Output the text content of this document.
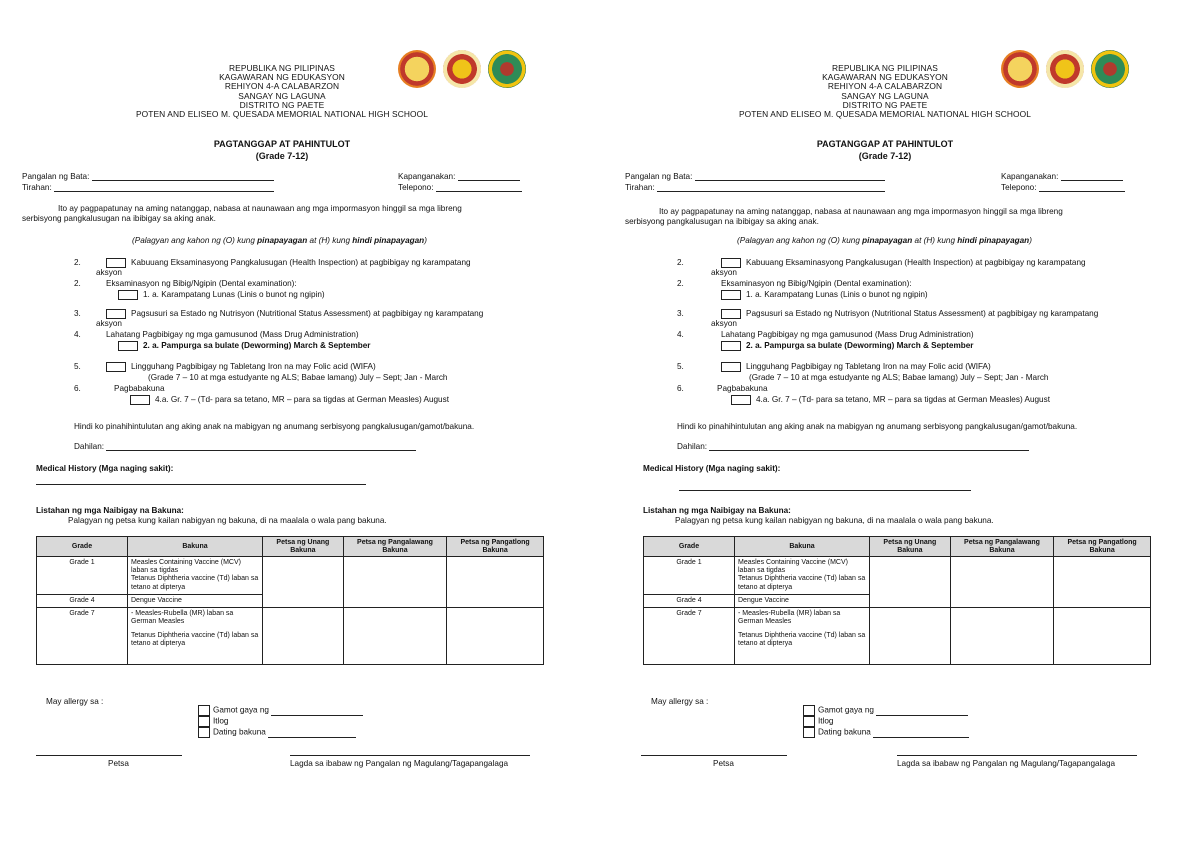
REPUBLIKA NG PILIPINAS
KAGAWARAN NG EDUKASYON
REHIYON 4-A CALABARZON
SANGAY NG LAGUNA
DISTRITO NG PAETE
POTEN AND ELISEO M. QUESADA MEMORIAL NATIONAL HIGH SCHOOL
PAGTANGGAP AT PAHINTULOT
(Grade 7-12)
Pangalan ng Bata:	Kapanganakan:
Tirahan:	Telepono:
Ito ay pagpapatunay na aming natanggap, nabasa at naunawaan ang mga impormasyon hinggil sa mga libreng
serbisyong pangkalusugan na ibibigay sa aking anak.
(Palagyan ang kahon ng (O) kung pinapayagan at (H) kung hindi pinapayagan)
2.	Kabuuang Eksaminasyong Pangkalusugan (Health Inspection) at pagbibigay ng karampatang
aksyon
2.	Eksaminasyon ng Bibig/Ngipin (Dental examination):
1. a. Karampatang Lunas (Linis o bunot ng ngipin)
3.	Pagsusuri sa Estado ng Nutrisyon (Nutritional Status Assessment) at pagbibigay ng karampatang
aksyon
4.	Lahatang Pagbibigay ng mga gamusunod (Mass Drug Administration)
2. a. Pampurga sa bulate (Deworming) March & September
5.	Lingguhang Pagbibigay ng Tabletang Iron na may Folic acid (WIFA)
(Grade 7 – 10 at mga estudyante ng ALS; Babae lamang) July – Sept; Jan - March
6.	Pagbabakuna
4.a. Gr. 7 – (Td- para sa tetano, MR – para sa tigdas at German Measles) August
Hindi ko pinahihintulutan ang aking anak na mabigyan ng anumang serbisyong pangkalusugan/gamot/bakuna.
Dahilan:
Medical History (Mga naging sakit):
Listahan ng mga Naibigay na Bakuna:
Palagyan ng petsa kung kailan nabigyan ng bakuna, di na maalala o wala pang bakuna.
Grade	Bakuna	Petsa ng Unang Bakuna	Petsa ng Pangalawang Bakuna	Petsa ng Pangatlong Bakuna
Grade 1	Measles Containing Vaccine (MCV) laban sa tigdas
Tetanus Diphtheria vaccine (Td) laban sa tetano at dipterya			

Grade 4	Dengue Vaccine			
Grade 7	- Measles-Rubella (MR) laban sa German Measles
Tetanus Diphtheria vaccine (Td) laban sa tetano at dipterya			

May allergy sa :
Gamot gaya ng
Itlog
Dating bakuna
Petsa	Lagda sa ibabaw ng Pangalan ng Magulang/Tagapangalaga
REPUBLIKA NG PILIPINAS
KAGAWARAN NG EDUKASYON
REHIYON 4-A CALABARZON
SANGAY NG LAGUNA
DISTRITO NG PAETE
POTEN AND ELISEO M. QUESADA MEMORIAL NATIONAL HIGH SCHOOL
PAGTANGGAP AT PAHINTULOT
(Grade 7-12)
Pangalan ng Bata:	Kapanganakan:
Tirahan:	Telepono:
Ito ay pagpapatunay na aming natanggap, nabasa at naunawaan ang mga impormasyon hinggil sa mga libreng
serbisyong pangkalusugan na ibibigay sa aking anak.
(Palagyan ang kahon ng (O) kung pinapayagan at (H) kung hindi pinapayagan)
2.	Kabuuang Eksaminasyong Pangkalusugan (Health Inspection) at pagbibigay ng karampatang
aksyon
2.	Eksaminasyon ng Bibig/Ngipin (Dental examination):
1. a. Karampatang Lunas (Linis o bunot ng ngipin)
3.	Pagsusuri sa Estado ng Nutrisyon (Nutritional Status Assessment) at pagbibigay ng karampatang
aksyon
4.	Lahatang Pagbibigay ng mga gamusunod (Mass Drug Administration)
2. a. Pampurga sa bulate (Deworming) March & September
5.	Lingguhang Pagbibigay ng Tabletang Iron na may Folic acid (WIFA)
(Grade 7 – 10 at mga estudyante ng ALS; Babae lamang) July – Sept; Jan - March
6.	Pagbabakuna
4.a. Gr. 7 – (Td- para sa tetano, MR – para sa tigdas at German Measles) August
Hindi ko pinahihintulutan ang aking anak na mabigyan ng anumang serbisyong pangkalusugan/gamot/bakuna.
Dahilan:
Medical History (Mga naging sakit):
Listahan ng mga Naibigay na Bakuna:
Palagyan ng petsa kung kailan nabigyan ng bakuna, di na maalala o wala pang bakuna.
Grade	Bakuna	Petsa ng Unang Bakuna	Petsa ng Pangalawang Bakuna	Petsa ng Pangatlong Bakuna
Grade 1	Measles Containing Vaccine (MCV) laban sa tigdas
Tetanus Diphtheria vaccine (Td) laban sa tetano at dipterya			

Grade 4	Dengue Vaccine			
Grade 7	- Measles-Rubella (MR) laban sa German Measles
Tetanus Diphtheria vaccine (Td) laban sa tetano at dipterya			

May allergy sa :
Gamot gaya ng
Itlog
Dating bakuna
Petsa	Lagda sa ibabaw ng Pangalan ng Magulang/Tagapangalaga
